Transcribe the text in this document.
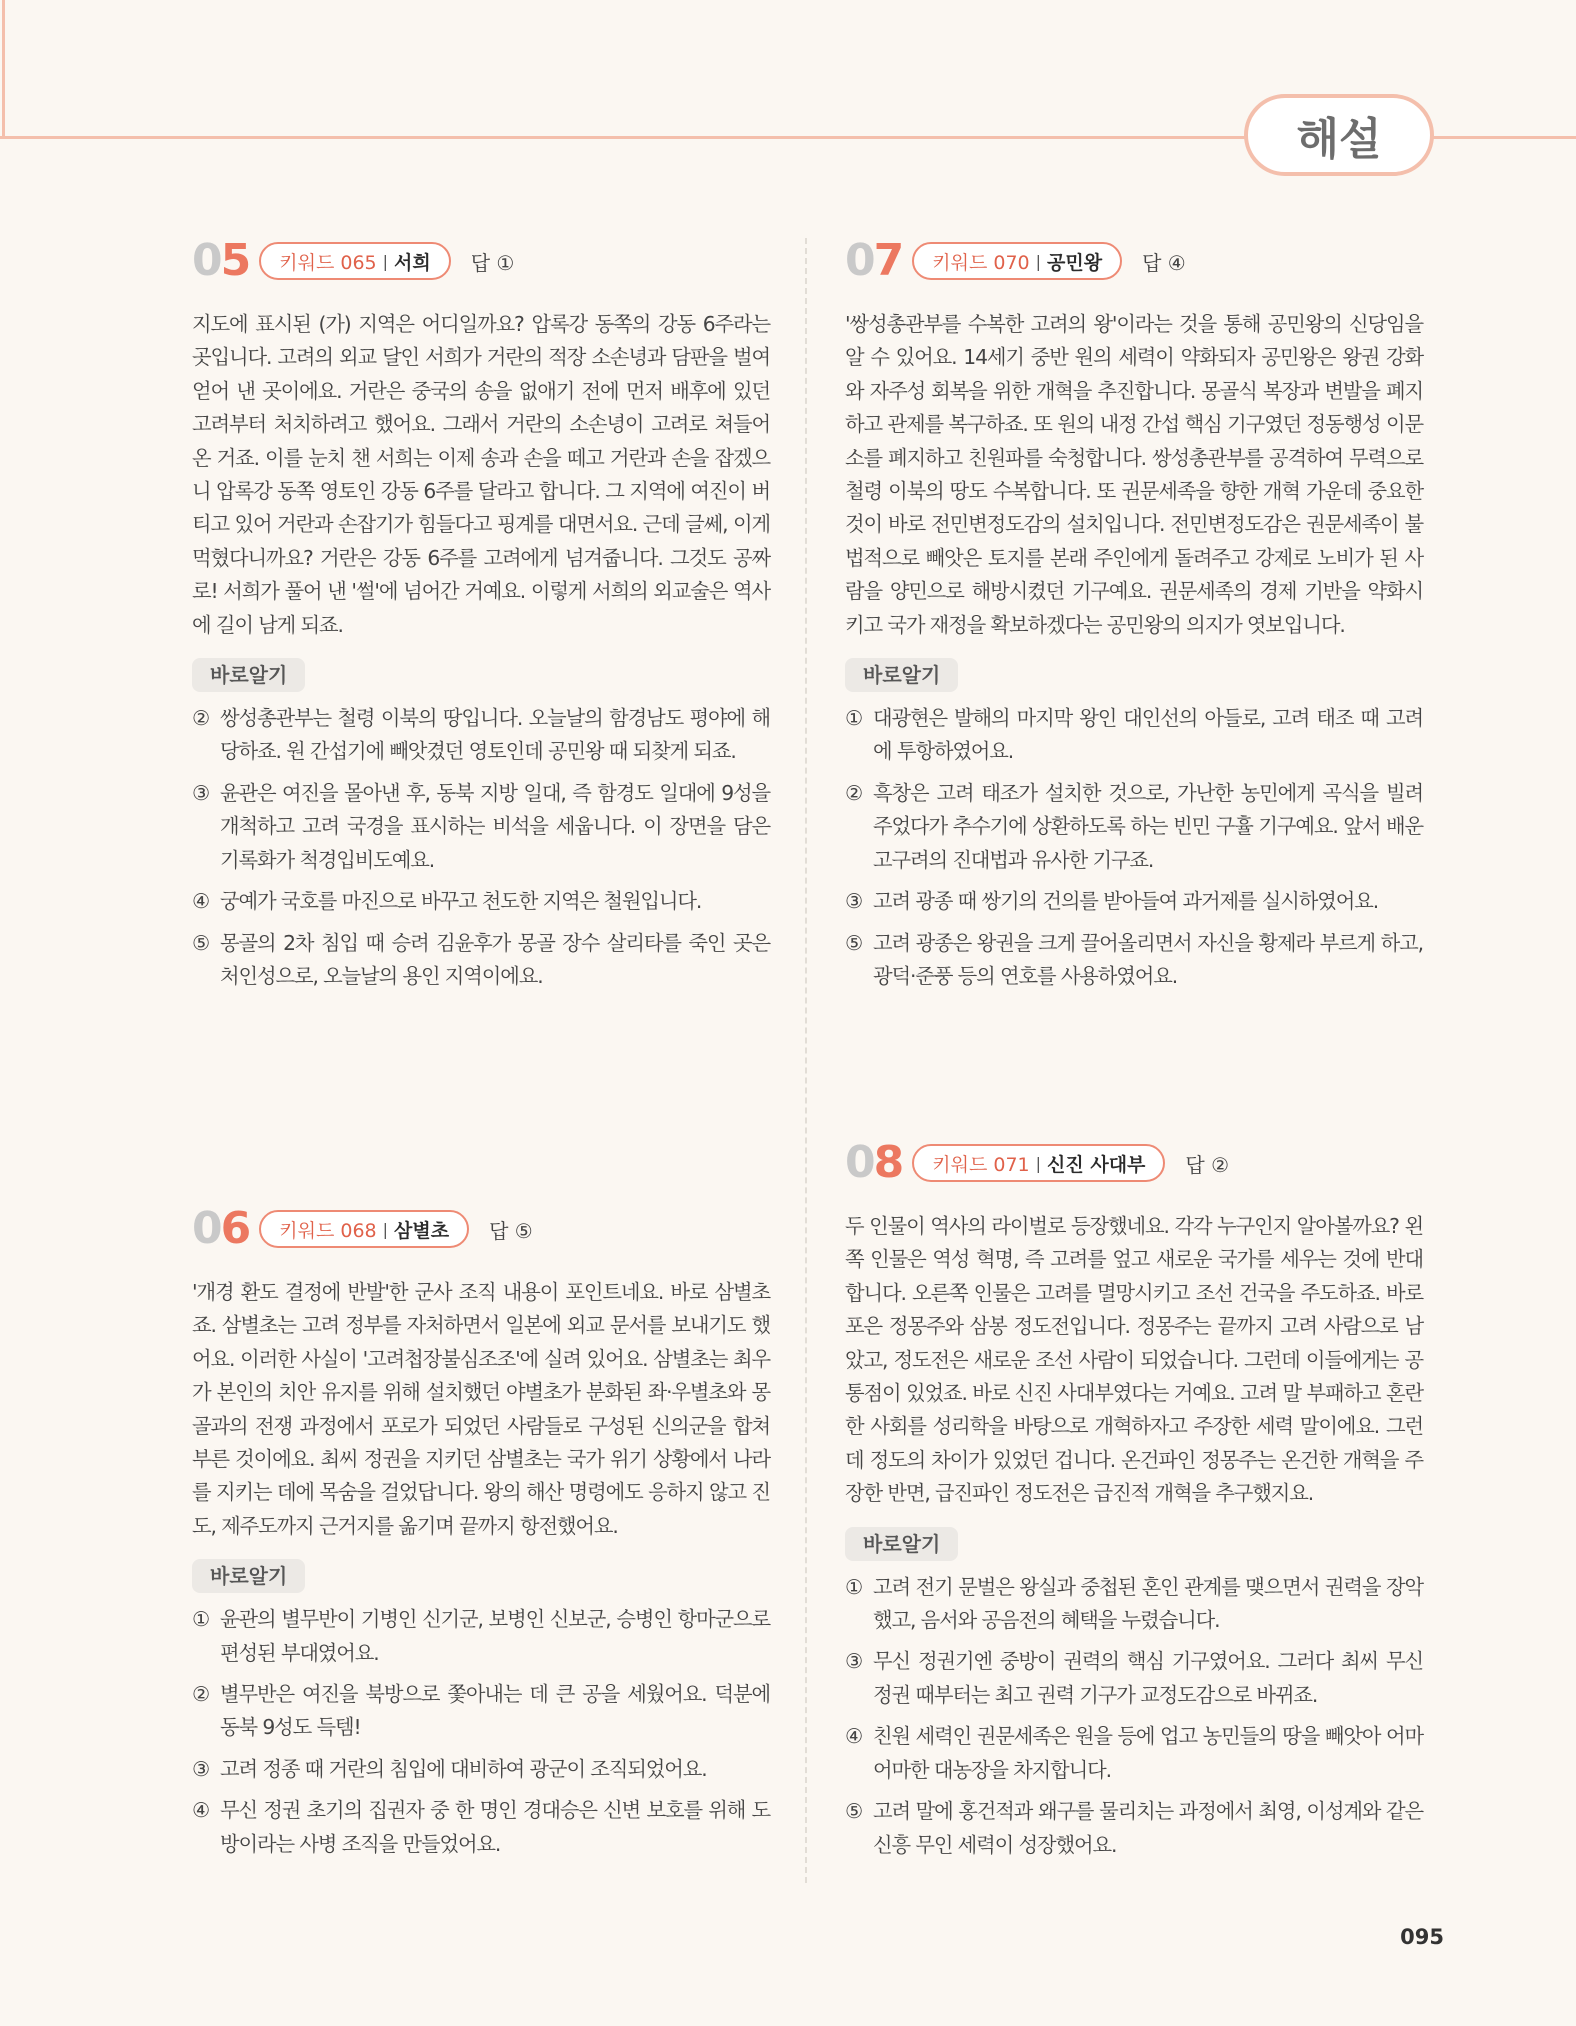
해설
05 키워드 065 | 서희 답 ①
지도에 표시된 (가) 지역은 어디일까요? 압록강 동쪽의 강동 6주라는 곳입니다. 고려의 외교 달인 서희가 거란의 적장 소손녕과 담판을 벌여 얻어 낸 곳이에요. 거란은 중국의 송을 없애기 전에 먼저 배후에 있던 고려부터 처치하려고 했어요. 그래서 거란의 소손녕이 고려로 쳐들어온 거죠. 이를 눈치 챈 서희는 이제 송과 손을 떼고 거란과 손을 잡겠으니 압록강 동쪽 영토인 강동 6주를 달라고 합니다. 그 지역에 여진이 버티고 있어 거란과 손잡기가 힘들다고 핑계를 대면서요. 근데 글쎄, 이게 먹혔다니까요? 거란은 강동 6주를 고려에게 넘겨줍니다. 그것도 공짜로! 서희가 풀어 낸 '썰'에 넘어간 거예요. 이렇게 서희의 외교술은 역사에 길이 남게 되죠.
바로알기
② 쌍성총관부는 철령 이북의 땅입니다. 오늘날의 함경남도 평야에 해당하죠. 원 간섭기에 빼앗겼던 영토인데 공민왕 때 되찾게 되죠.
③ 윤관은 여진을 몰아낸 후, 동북 지방 일대, 즉 함경도 일대에 9성을 개척하고 고려 국경을 표시하는 비석을 세웁니다. 이 장면을 담은 기록화가 척경입비도예요.
④ 궁예가 국호를 마진으로 바꾸고 천도한 지역은 철원입니다.
⑤ 몽골의 2차 침입 때 승려 김윤후가 몽골 장수 살리타를 죽인 곳은 처인성으로, 오늘날의 용인 지역이에요.
06 키워드 068 | 삼별초 답 ⑤
'개경 환도 결정에 반발'한 군사 조직 내용이 포인트네요. 바로 삼별초죠. 삼별초는 고려 정부를 자처하면서 일본에 외교 문서를 보내기도 했어요. 이러한 사실이 '고려첩장불심조조'에 실려 있어요. 삼별초는 최우가 본인의 치안 유지를 위해 설치했던 야별초가 분화된 좌·우별초와 몽골과의 전쟁 과정에서 포로가 되었던 사람들로 구성된 신의군을 합쳐 부른 것이에요. 최씨 정권을 지키던 삼별초는 국가 위기 상황에서 나라를 지키는 데에 목숨을 걸었답니다. 왕의 해산 명령에도 응하지 않고 진도, 제주도까지 근거지를 옮기며 끝까지 항전했어요.
바로알기
① 윤관의 별무반이 기병인 신기군, 보병인 신보군, 승병인 항마군으로 편성된 부대였어요.
② 별무반은 여진을 북방으로 쫓아내는 데 큰 공을 세웠어요. 덕분에 동북 9성도 득템!
③ 고려 정종 때 거란의 침입에 대비하여 광군이 조직되었어요.
④ 무신 정권 초기의 집권자 중 한 명인 경대승은 신변 보호를 위해 도방이라는 사병 조직을 만들었어요.
07 키워드 070 | 공민왕 답 ④
'쌍성총관부를 수복한 고려의 왕'이라는 것을 통해 공민왕의 신당임을 알 수 있어요. 14세기 중반 원의 세력이 약화되자 공민왕은 왕권 강화와 자주성 회복을 위한 개혁을 추진합니다. 몽골식 복장과 변발을 폐지하고 관제를 복구하죠. 또 원의 내정 간섭 핵심 기구였던 정동행성 이문소를 폐지하고 친원파를 숙청합니다. 쌍성총관부를 공격하여 무력으로 철령 이북의 땅도 수복합니다. 또 권문세족을 향한 개혁 가운데 중요한 것이 바로 전민변정도감의 설치입니다. 전민변정도감은 권문세족이 불법적으로 빼앗은 토지를 본래 주인에게 돌려주고 강제로 노비가 된 사람을 양민으로 해방시켰던 기구예요. 권문세족의 경제 기반을 약화시키고 국가 재정을 확보하겠다는 공민왕의 의지가 엿보입니다.
바로알기
① 대광현은 발해의 마지막 왕인 대인선의 아들로, 고려 태조 때 고려에 투항하였어요.
② 흑창은 고려 태조가 설치한 것으로, 가난한 농민에게 곡식을 빌려 주었다가 추수기에 상환하도록 하는 빈민 구휼 기구예요. 앞서 배운 고구려의 진대법과 유사한 기구죠.
③ 고려 광종 때 쌍기의 건의를 받아들여 과거제를 실시하였어요.
⑤ 고려 광종은 왕권을 크게 끌어올리면서 자신을 황제라 부르게 하고, 광덕·준풍 등의 연호를 사용하였어요.
08 키워드 071 | 신진 사대부 답 ②
두 인물이 역사의 라이벌로 등장했네요. 각각 누구인지 알아볼까요? 왼쪽 인물은 역성 혁명, 즉 고려를 엎고 새로운 국가를 세우는 것에 반대합니다. 오른쪽 인물은 고려를 멸망시키고 조선 건국을 주도하죠. 바로 포은 정몽주와 삼봉 정도전입니다. 정몽주는 끝까지 고려 사람으로 남았고, 정도전은 새로운 조선 사람이 되었습니다. 그런데 이들에게는 공통점이 있었죠. 바로 신진 사대부였다는 거예요. 고려 말 부패하고 혼란한 사회를 성리학을 바탕으로 개혁하자고 주장한 세력 말이에요. 그런데 정도의 차이가 있었던 겁니다. 온건파인 정몽주는 온건한 개혁을 주장한 반면, 급진파인 정도전은 급진적 개혁을 추구했지요.
바로알기
① 고려 전기 문벌은 왕실과 중첩된 혼인 관계를 맺으면서 권력을 장악했고, 음서와 공음전의 혜택을 누렸습니다.
③ 무신 정권기엔 중방이 권력의 핵심 기구였어요. 그러다 최씨 무신 정권 때부터는 최고 권력 기구가 교정도감으로 바뀌죠.
④ 친원 세력인 권문세족은 원을 등에 업고 농민들의 땅을 빼앗아 어마어마한 대농장을 차지합니다.
⑤ 고려 말에 홍건적과 왜구를 물리치는 과정에서 최영, 이성계와 같은 신흥 무인 세력이 성장했어요.
095
